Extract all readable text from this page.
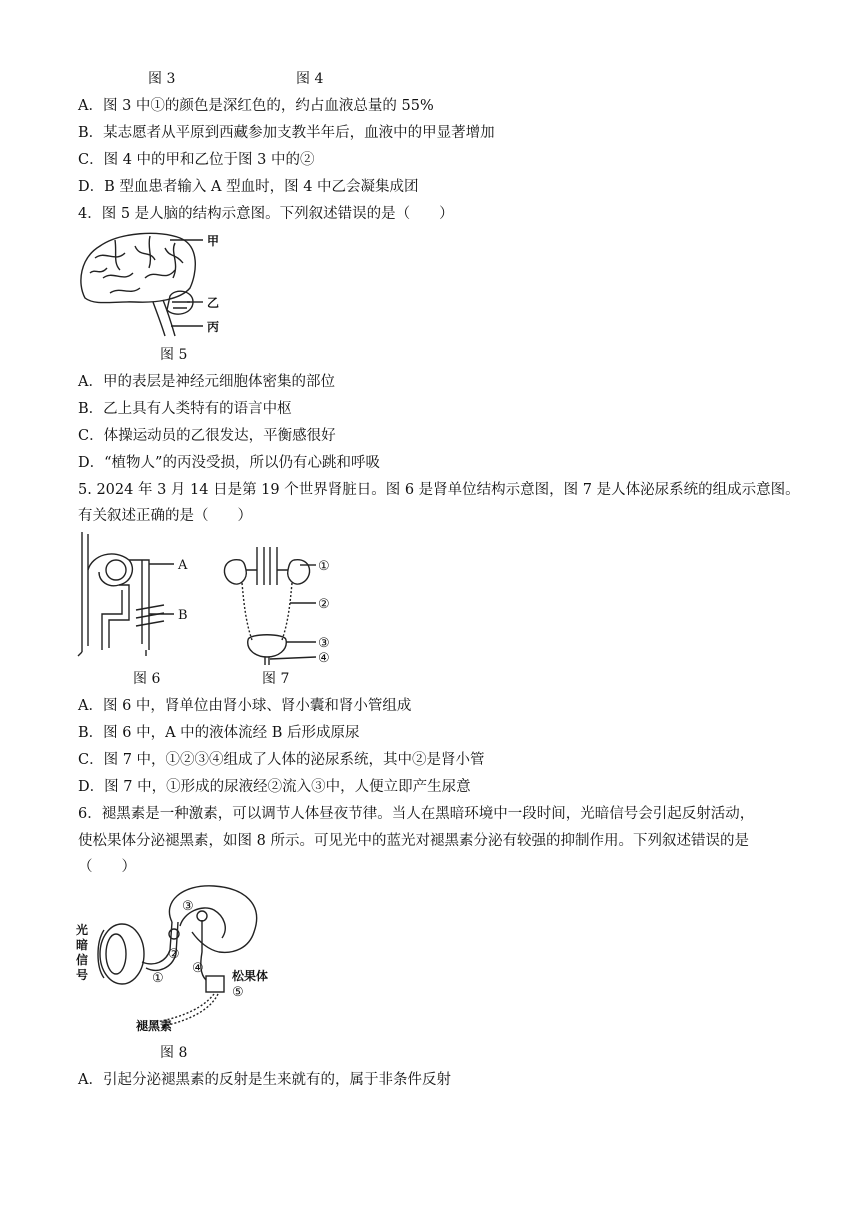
图 3	图 4
A．图 3 中①的颜色是深红色的，约占血液总量的 55%
B．某志愿者从平原到西藏参加支教半年后，血液中的甲显著增加
C．图 4 中的甲和乙位于图 3 中的②
D．B 型血患者输入 A 型血时，图 4 中乙会凝集成团
4．图 5 是人脑的结构示意图。下列叙述错误的是（　　）
甲
乙
丙
图 5
A．甲的表层是神经元细胞体密集的部位
B．乙上具有人类特有的语言中枢
C．体操运动员的乙很发达，平衡感很好
D．“植物人”的丙没受损，所以仍有心跳和呼吸
5. 2024 年 3 月 14 日是第 19 个世界肾脏日。图 6 是肾单位结构示意图，图 7 是人体泌尿系统的组成示意图。
有关叙述正确的是（　　）
A
B
①
②
③
④
图 6	图 7
A．图 6 中，肾单位由肾小球、肾小囊和肾小管组成
B．图 6 中，A 中的液体流经 B 后形成原尿
C．图 7 中，①②③④组成了人体的泌尿系统，其中②是肾小管
D．图 7 中，①形成的尿液经②流入③中，人便立即产生尿意
6．褪黑素是一种激素，可以调节人体昼夜节律。当人在黑暗环境中一段时间，光暗信号会引起反射活动，
使松果体分泌褪黑素，如图 8 所示。可见光中的蓝光对褪黑素分泌有较强的抑制作用。下列叙述错误的是
（　　）
光
暗
信
号	①
②
③
④
⑤
松果体
褪黑素
图 8
A．引起分泌褪黑素的反射是生来就有的，属于非条件反射
